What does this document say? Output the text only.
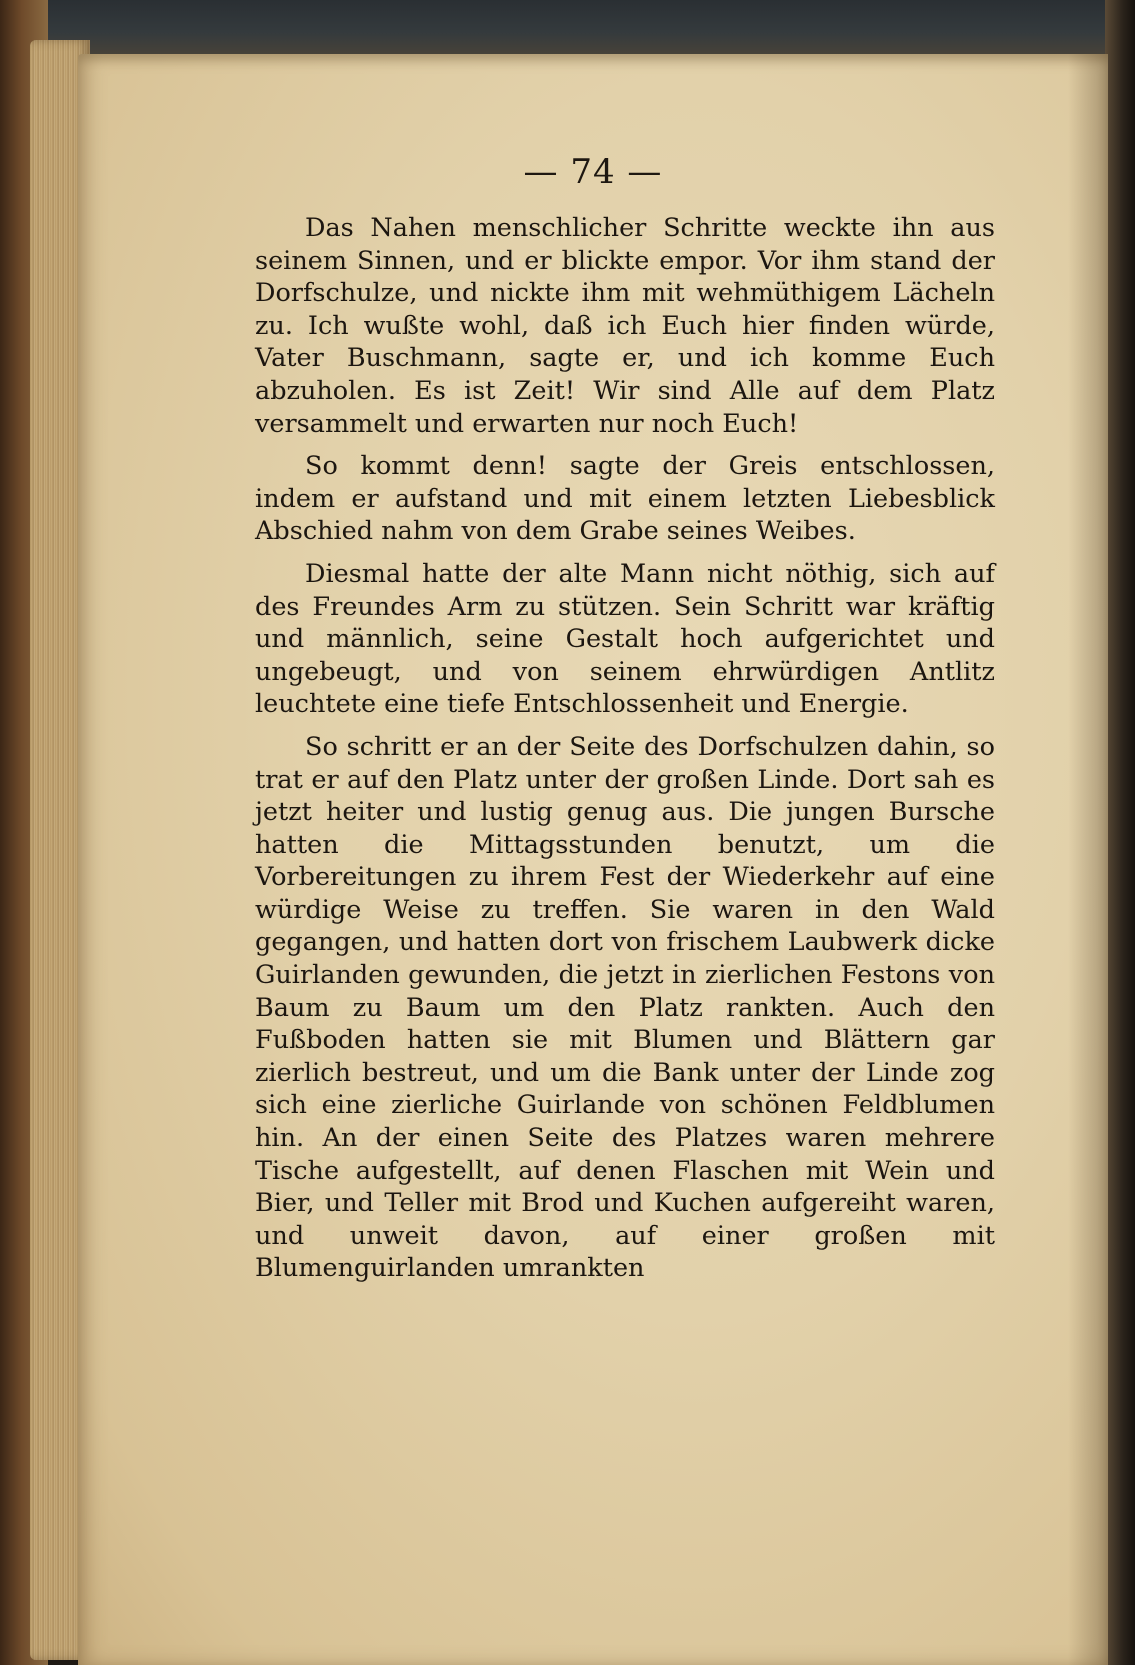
— 74 —

Das Nahen menschlicher Schritte weckte ihn aus seinem Sinnen, und er blickte empor. Vor ihm stand der Dorfschulze, und nickte ihm mit wehmüthigem Lächeln zu. Ich wußte wohl, daß ich Euch hier finden würde, Vater Buschmann, sagte er, und ich komme Euch abzuholen. Es ist Zeit! Wir sind Alle auf dem Platz versammelt und erwarten nur noch Euch!

So kommt denn! sagte der Greis entschlossen, indem er aufstand und mit einem letzten Liebesblick Abschied nahm von dem Grabe seines Weibes.

Diesmal hatte der alte Mann nicht nöthig, sich auf des Freundes Arm zu stützen. Sein Schritt war kräftig und männlich, seine Gestalt hoch aufgerichtet und ungebeugt, und von seinem ehrwürdigen Antlitz leuchtete eine tiefe Entschlossenheit und Energie.

So schritt er an der Seite des Dorfschulzen dahin, so trat er auf den Platz unter der großen Linde. Dort sah es jetzt heiter und lustig genug aus. Die jungen Bursche hatten die Mittagsstunden benutzt, um die Vorbereitungen zu ihrem Fest der Wiederkehr auf eine würdige Weise zu treffen. Sie waren in den Wald gegangen, und hatten dort von frischem Laubwerk dicke Guirlanden gewunden, die jetzt in zierlichen Festons von Baum zu Baum um den Platz rankten. Auch den Fußboden hatten sie mit Blumen und Blättern gar zierlich bestreut, und um die Bank unter der Linde zog sich eine zierliche Guirlande von schönen Feldblumen hin. An der einen Seite des Platzes waren mehrere Tische aufgestellt, auf denen Flaschen mit Wein und Bier, und Teller mit Brod und Kuchen aufgereiht waren, und unweit davon, auf einer großen mit Blumenguirlanden umrankten
